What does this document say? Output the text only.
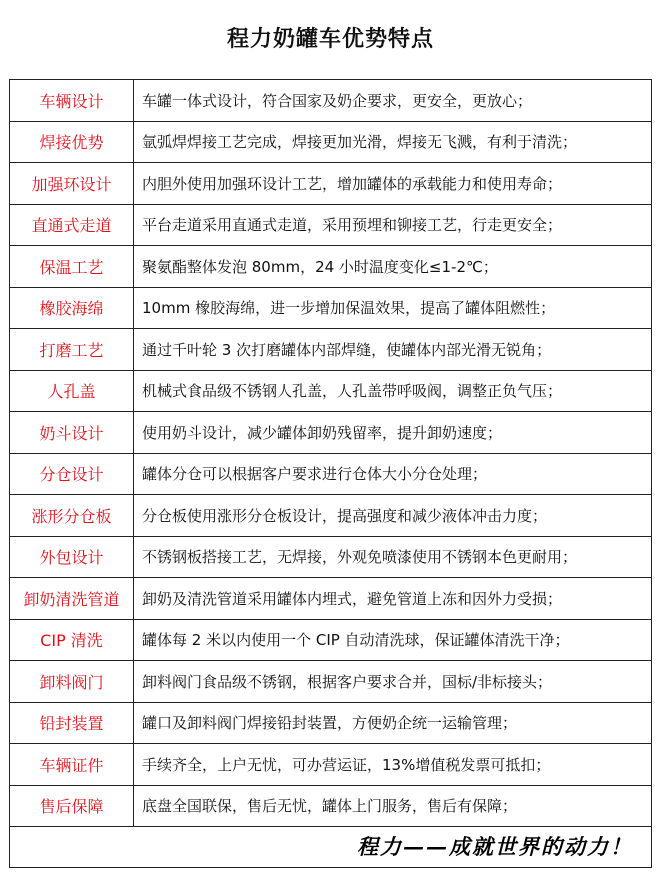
程力奶罐车优势特点
车辆设计	车罐一体式设计，符合国家及奶企要求，更安全，更放心；
焊接优势	氩弧焊焊接工艺完成，焊接更加光滑，焊接无飞溅，有利于清洗；
加强环设计	内胆外使用加强环设计工艺，增加罐体的承载能力和使用寿命；
直通式走道	平台走道采用直通式走道，采用预埋和铆接工艺，行走更安全；
保温工艺	聚氨酯整体发泡 80mm，24 小时温度变化≤1-2℃；
橡胶海绵	10mm 橡胶海绵，进一步增加保温效果，提高了罐体阻燃性；
打磨工艺	通过千叶轮 3 次打磨罐体内部焊缝，使罐体内部光滑无锐角；
人孔盖	机械式食品级不锈钢人孔盖，人孔盖带呼吸阀，调整正负气压；
奶斗设计	使用奶斗设计，减少罐体卸奶残留率，提升卸奶速度；
分仓设计	罐体分仓可以根据客户要求进行仓体大小分仓处理；
涨形分仓板	分仓板使用涨形分仓板设计，提高强度和减少液体冲击力度；
外包设计	不锈钢板搭接工艺，无焊接，外观免喷漆使用不锈钢本色更耐用；
卸奶清洗管道	卸奶及清洗管道采用罐体内埋式，避免管道上冻和因外力受损；
CIP 清洗	罐体每 2 米以内使用一个 CIP 自动清洗球，保证罐体清洗干净；
卸料阀门	卸料阀门食品级不锈钢，根据客户要求合并，国标/非标接头；
铅封装置	罐口及卸料阀门焊接铅封装置，方便奶企统一运输管理；
车辆证件	手续齐全，上户无忧，可办营运证，13%增值税发票可抵扣；
售后保障	底盘全国联保，售后无忧，罐体上门服务，售后有保障；
程力——成就世界的动力！
